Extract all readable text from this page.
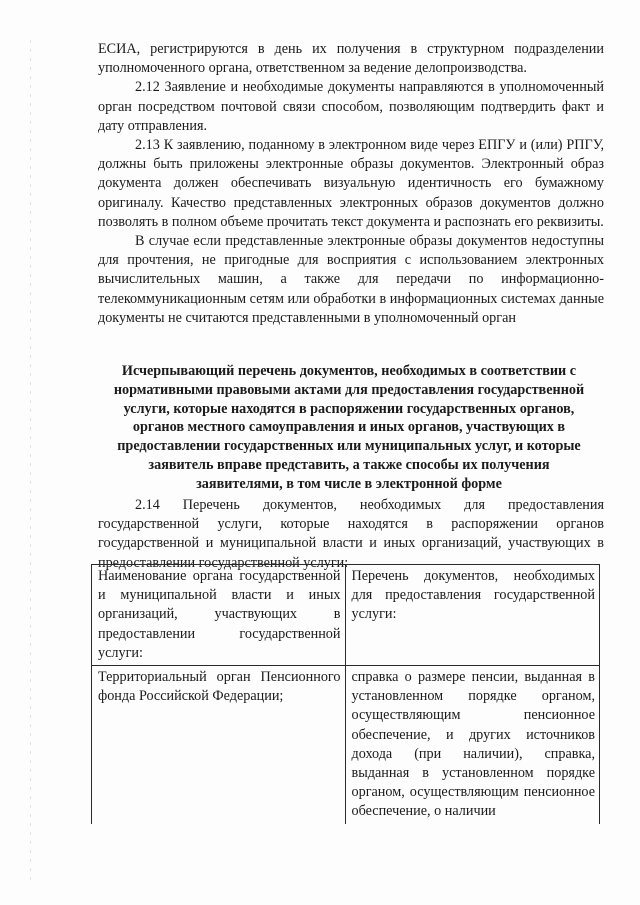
ЕСИА, регистрируются в день их получения в структурном подразделении уполномоченного органа, ответственном за ведение делопроизводства.

2.12 Заявление и необходимые документы направляются в уполномоченный орган посредством почтовой связи способом, позволяющим подтвердить факт и дату отправления.

2.13 К заявлению, поданному в электронном виде через ЕПГУ и (или) РПГУ, должны быть приложены электронные образы документов. Электронный образ документа должен обеспечивать визуальную идентичность его бумажному оригиналу. Качество представленных электронных образов документов должно позволять в полном объеме прочитать текст документа и распознать его реквизиты.

В случае если представленные электронные образы документов недоступны для прочтения, не пригодные для восприятия с использованием электронных вычислительных машин, а также для передачи по информационно-телекоммуникационным сетям или обработки в информационных системах данные документы не считаются представленными в уполномоченный орган

Исчерпывающий перечень документов, необходимых в соответствии с нормативными правовыми актами для предоставления государственной услуги, которые находятся в распоряжении государственных органов, органов местного самоуправления и иных органов, участвующих в предоставлении государственных или муниципальных услуг, и которые заявитель вправе представить, а также способы их получения заявителями, в том числе в электронной форме

2.14 Перечень документов, необходимых для предоставления государственной услуги, которые находятся в распоряжении органов государственной и муниципальной власти и иных организаций, участвующих в предоставлении государственной услуги:

Наименование органа государственной и муниципальной власти и иных организаций, участвующих в предоставлении государственной услуги:	Перечень документов, необходимых для предоставления государственной услуги:
Территориальный орган Пенсионного фонда Российской Федерации;	справка о размере пенсии, выданная в установленном порядке органом, осуществляющим пенсионное обеспечение, и других источников дохода (при наличии), справка, выданная в установленном порядке органом, осуществляющим пенсионное обеспечение, о наличии
